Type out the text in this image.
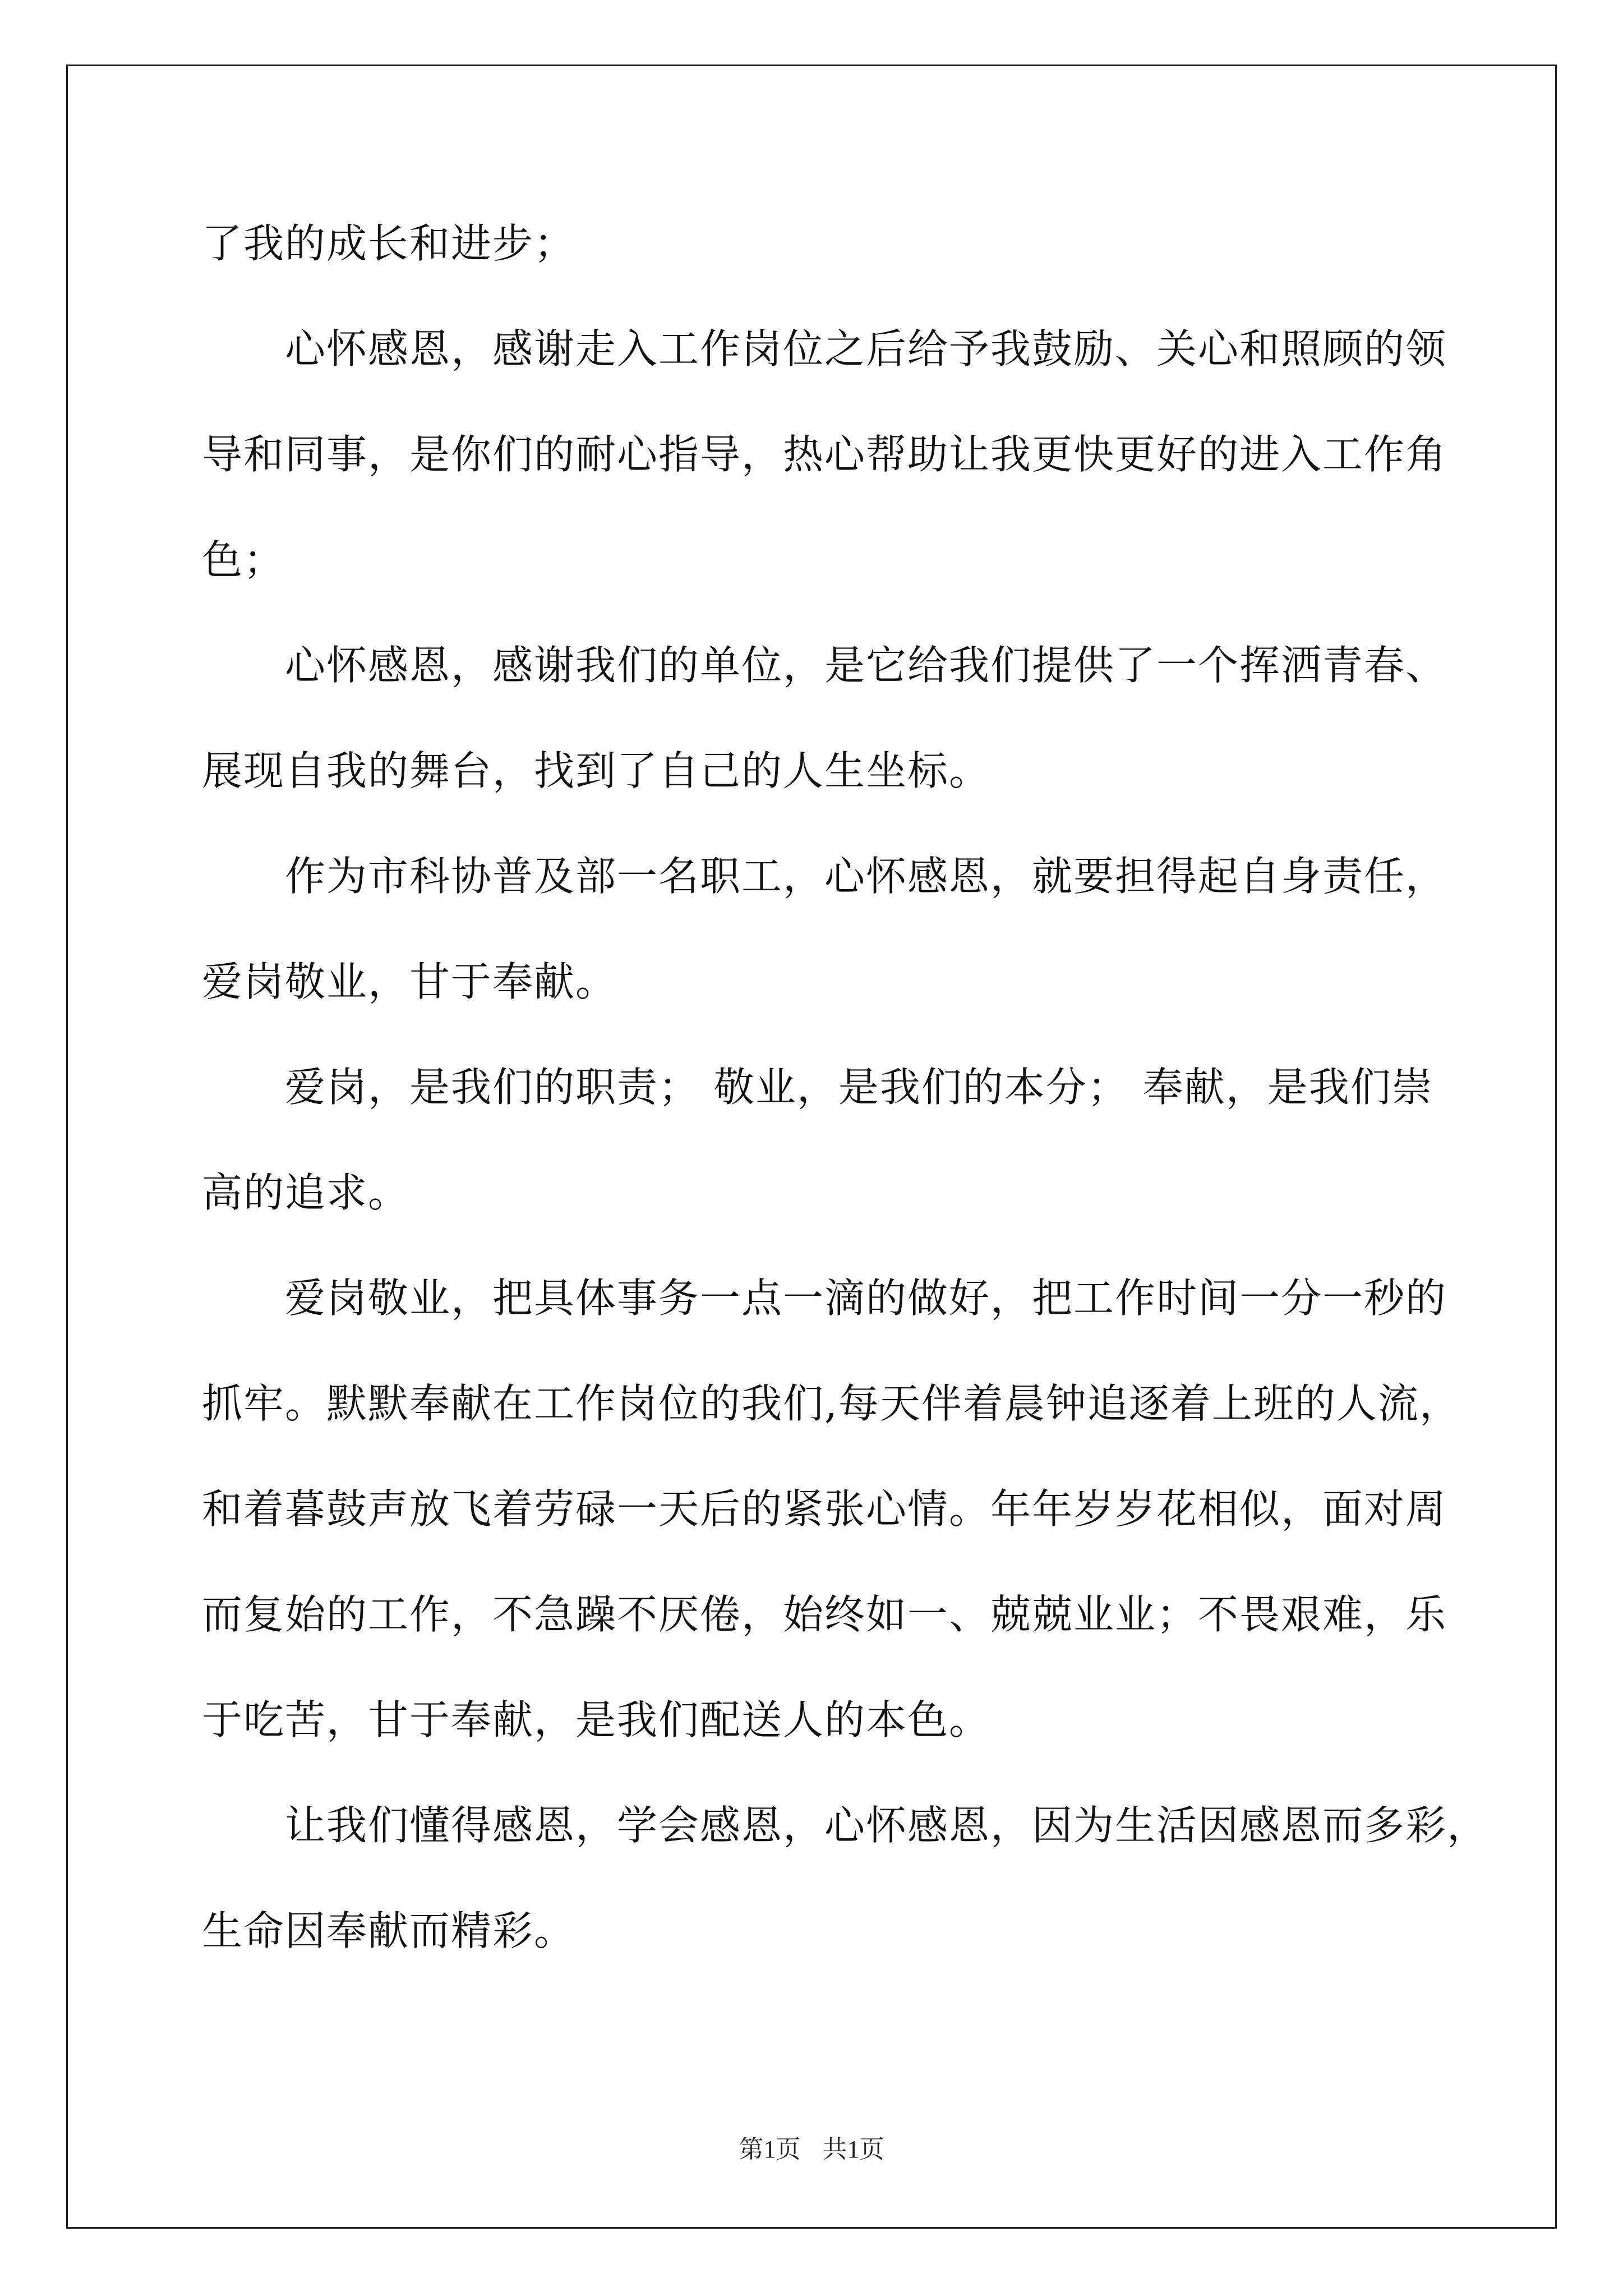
了我的成长和进步；
心怀感恩，感谢走入工作岗位之后给予我鼓励、关心和照顾的领
导和同事，是你们的耐心指导，热心帮助让我更快更好的进入工作角
色；
心怀感恩，感谢我们的单位，是它给我们提供了一个挥洒青春、
展现自我的舞台，找到了自己的人生坐标。
作为市科协普及部一名职工，心怀感恩，就要担得起自身责任，
爱岗敬业，甘于奉献。
爱岗，是我们的职责； 敬业，是我们的本分； 奉献，是我们崇
高的追求。
爱岗敬业，把具体事务一点一滴的做好，把工作时间一分一秒的
抓牢。默默奉献在工作岗位的我们,每天伴着晨钟追逐着上班的人流，
和着暮鼓声放飞着劳碌一天后的紧张心情。年年岁岁花相似，面对周
而复始的工作，不急躁不厌倦，始终如一、兢兢业业；不畏艰难，乐
于吃苦，甘于奉献，是我们配送人的本色。
让我们懂得感恩，学会感恩，心怀感恩，因为生活因感恩而多彩，
生命因奉献而精彩。
第1页 共1页
